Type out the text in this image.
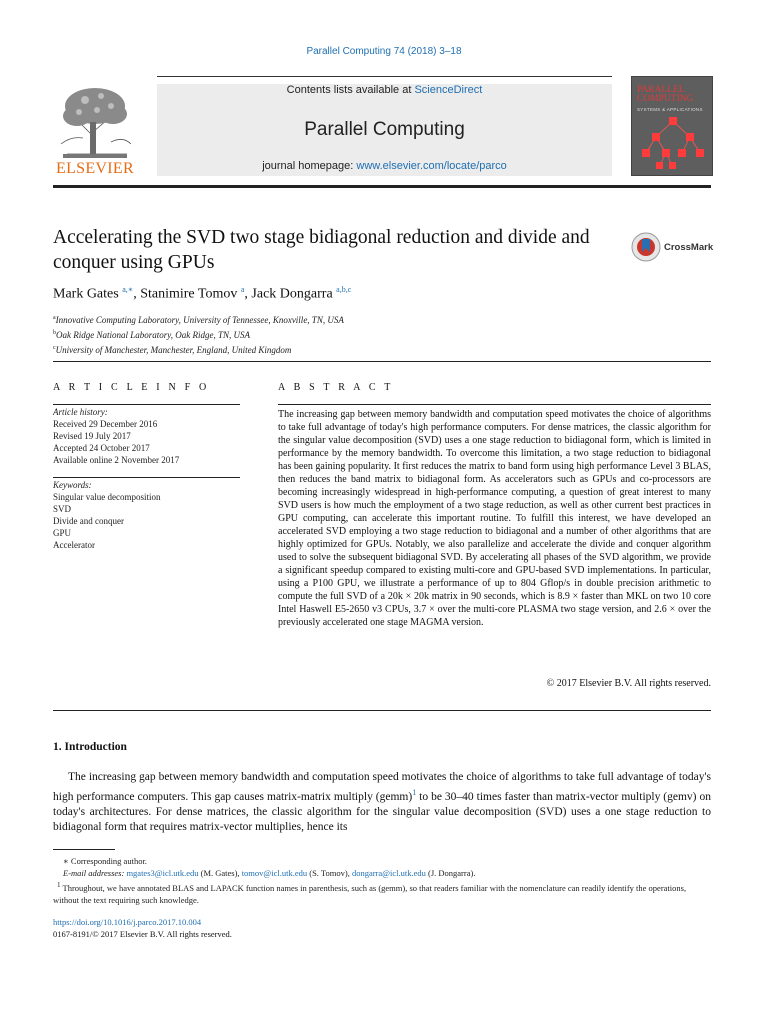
Parallel Computing 74 (2018) 3–18
ELSEVIER
Contents lists available at ScienceDirect
Parallel Computing
journal homepage: www.elsevier.com/locate/parco
PARALLEL COMPUTING
SYSTEMS & APPLICATIONS
Accelerating the SVD two stage bidiagonal reduction and divide and conquer using GPUs
CrossMark
Mark Gates $^{a,∗}$, Stanimire Tomov $^a$, Jack Dongarra $^{a,b,c}$
$^a$Innovative Computing Laboratory, University of Tennessee, Knoxville, TN, USA
$^b$Oak Ridge National Laboratory, Oak Ridge, TN, USA
$^c$University of Manchester, Manchester, England, United Kingdom
A R T I C L E I N F O
Article history:
Received 29 December 2016
Revised 19 July 2017
Accepted 24 October 2017
Available online 2 November 2017
Keywords:
Singular value decomposition
SVD
Divide and conquer
GPU
Accelerator
A B S T R A C T
The increasing gap between memory bandwidth and computation speed motivates the choice of algorithms to take full advantage of today's high performance computers. For dense matrices, the classic algorithm for the singular value decomposition (SVD) uses a one stage reduction to bidiagonal form, which is limited in performance by the memory bandwidth. To overcome this limitation, a two stage reduction to bidiagonal has been gaining popularity. It first reduces the matrix to band form using high performance Level 3 BLAS, then reduces the band matrix to bidiagonal form. As accelerators such as GPUs and co-processors are becoming increasingly widespread in high-performance computing, a question of great interest to many SVD users is how much the employment of a two stage reduction, as well as other current best practices in GPU computing, can accelerate this important routine. To fulfill this interest, we have developed an accelerated SVD employing a two stage reduction to bidiagonal and a number of other algorithms that are highly optimized for GPUs. Notably, we also parallelize and accelerate the divide and conquer algorithm used to solve the subsequent bidiagonal SVD. By accelerating all phases of the SVD algorithm, we provide a significant speedup compared to existing multi-core and GPU-based SVD implementations. In particular, using a P100 GPU, we illustrate a performance of up to 804 Gflop/s in double precision arithmetic to compute the full SVD of a 20k × 20k matrix in 90 seconds, which is 8.9 × faster than MKL on two 10 core Intel Haswell E5-2650 v3 CPUs, 3.7 × over the multi-core PLASMA two stage version, and 2.6 × over the previously accelerated one stage MAGMA version.
© 2017 Elsevier B.V. All rights reserved.
1. Introduction
The increasing gap between memory bandwidth and computation speed motivates the choice of algorithms to take full advantage of today's high performance computers. This gap causes matrix-matrix multiply (gemm)$^1$ to be 30–40 times faster than matrix-vector multiply (gemv) on today's architectures. For dense matrices, the classic algorithm for the singular value decomposition (SVD) uses a one stage reduction to bidiagonal form that requires matrix-vector multiplies, hence its
∗ Corresponding author.
E-mail addresses: mgates3@icl.utk.edu (M. Gates), tomov@icl.utk.edu (S. Tomov), dongarra@icl.utk.edu (J. Dongarra).
$^1$ Throughout, we have annotated BLAS and LAPACK function names in parenthesis, such as (gemm), so that readers familiar with the nomenclature can readily identify the operations, without the text requiring such knowledge.
https://doi.org/10.1016/j.parco.2017.10.004
0167-8191/© 2017 Elsevier B.V. All rights reserved.
